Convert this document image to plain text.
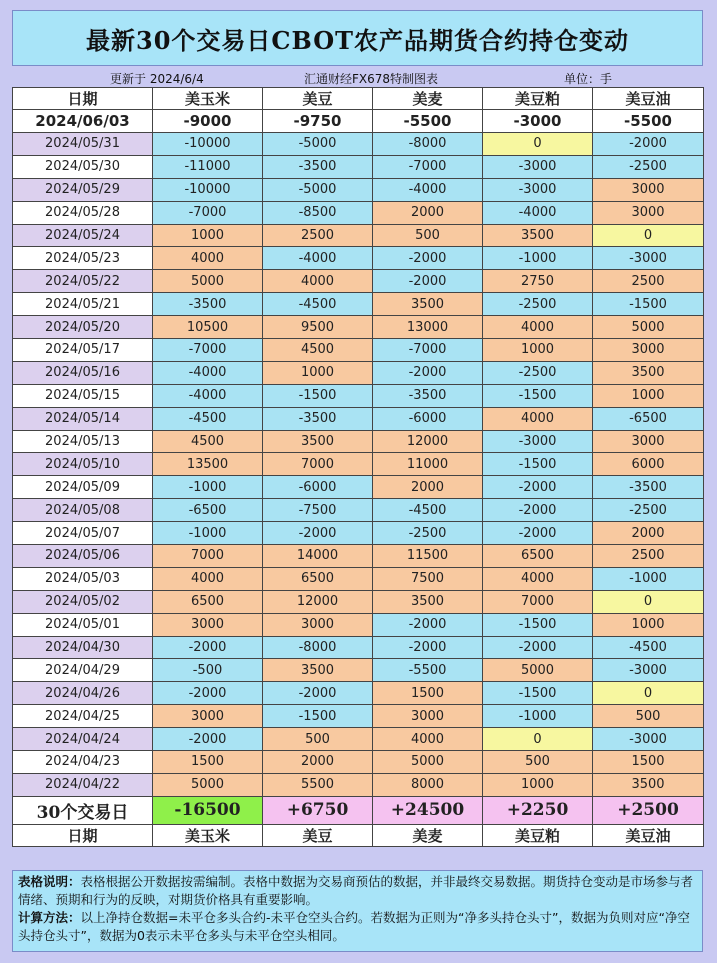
最新30个交易日CBOT农产品期货合约持仓变动
更新于 2024/6/4	汇通财经FX678特制图表	单位：手
日期	美玉米	美豆	美麦	美豆粕	美豆油
2024/06/03	-9000	-9750	-5500	-3000	-5500
2024/05/31	-10000	-5000	-8000	0	-2000
2024/05/30	-11000	-3500	-7000	-3000	-2500
2024/05/29	-10000	-5000	-4000	-3000	3000
2024/05/28	-7000	-8500	2000	-4000	3000
2024/05/24	1000	2500	500	3500	0
2024/05/23	4000	-4000	-2000	-1000	-3000
2024/05/22	5000	4000	-2000	2750	2500
2024/05/21	-3500	-4500	3500	-2500	-1500
2024/05/20	10500	9500	13000	4000	5000
2024/05/17	-7000	4500	-7000	1000	3000
2024/05/16	-4000	1000	-2000	-2500	3500
2024/05/15	-4000	-1500	-3500	-1500	1000
2024/05/14	-4500	-3500	-6000	4000	-6500
2024/05/13	4500	3500	12000	-3000	3000
2024/05/10	13500	7000	11000	-1500	6000
2024/05/09	-1000	-6000	2000	-2000	-3500
2024/05/08	-6500	-7500	-4500	-2000	-2500
2024/05/07	-1000	-2000	-2500	-2000	2000
2024/05/06	7000	14000	11500	6500	2500
2024/05/03	4000	6500	7500	4000	-1000
2024/05/02	6500	12000	3500	7000	0
2024/05/01	3000	3000	-2000	-1500	1000
2024/04/30	-2000	-8000	-2000	-2000	-4500
2024/04/29	-500	3500	-5500	5000	-3000
2024/04/26	-2000	-2000	1500	-1500	0
2024/04/25	3000	-1500	3000	-1000	500
2024/04/24	-2000	500	4000	0	-3000
2024/04/23	1500	2000	5000	500	1500
2024/04/22	5000	5500	8000	1000	3500
30个交易日	-16500	+6750	+24500	+2250	+2500
日期	美玉米	美豆	美麦	美豆粕	美豆油
表格说明：表格根据公开数据按需编制。表格中数据为交易商预估的数据，并非最终交易数据。期货持仓变动是市场参与者情绪、预期和行为的反映，对期货价格具有重要影响。
计算方法：以上净持仓数据=未平仓多头合约-未平仓空头合约。若数据为正则为“净多头持仓头寸”，数据为负则对应“净空头持仓头寸”，数据为0表示未平仓多头与未平仓空头相同。
